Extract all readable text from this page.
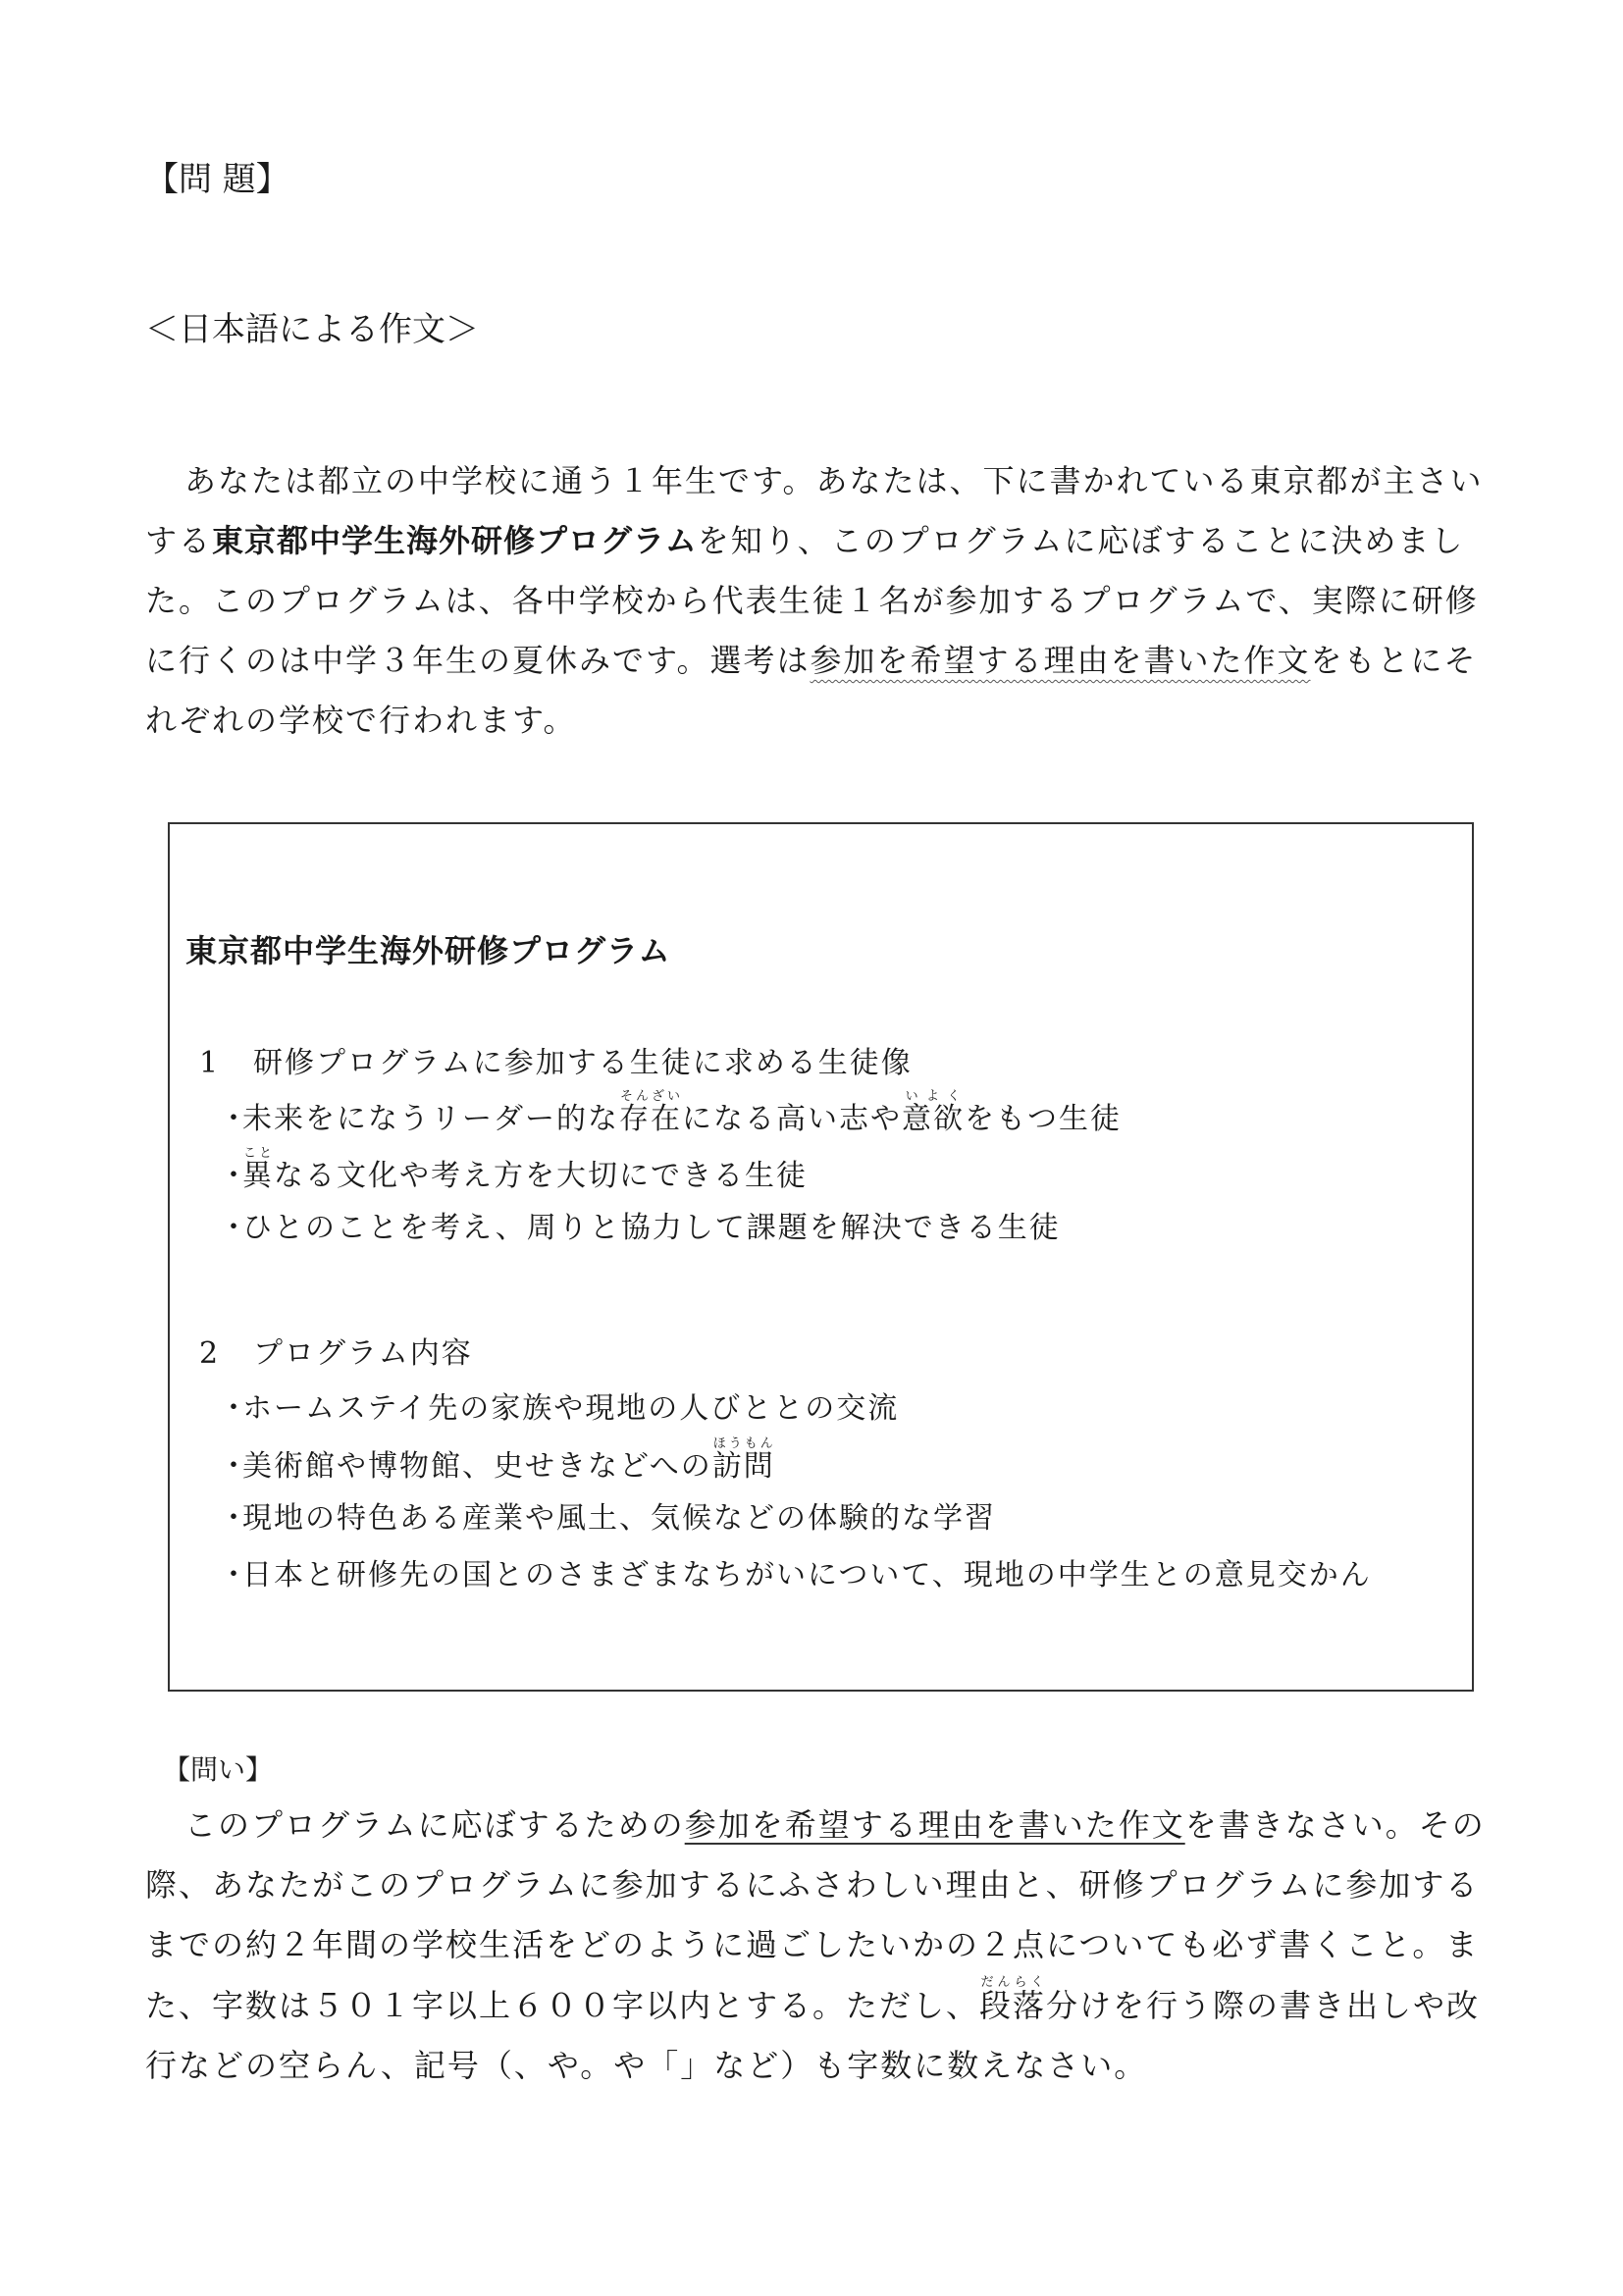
【問 題】
＜日本語による作文＞
あなたは都立の中学校に通う１年生です。あなたは、下に書かれている東京都が主さい
する東京都中学生海外研修プログラムを知り、このプログラムに応ぼすることに決めまし
た。このプログラムは、各中学校から代表生徒１名が参加するプログラムで、実際に研修
に行くのは中学３年生の夏休みです。選考は参加を希望する理由を書いた作文をもとにそ
れぞれの学校で行われます。
東京都中学生海外研修プログラム
1 研修プログラムに参加する生徒に求める生徒像
・未来をになうリーダー的な存在そんざいになる高い志や意欲いよくをもつ生徒
・異ことなる文化や考え方を大切にできる生徒
・ひとのことを考え、周りと協力して課題を解決できる生徒
2 プログラム内容
・ホームステイ先の家族や現地の人びととの交流
・美術館や博物館、史せきなどへの訪問ほうもん
・現地の特色ある産業や風土、気候などの体験的な学習
・日本と研修先の国とのさまざまなちがいについて、現地の中学生との意見交かん
【問い】
このプログラムに応ぼするための参加を希望する理由を書いた作文を書きなさい。その
際、あなたがこのプログラムに参加するにふさわしい理由と、研修プログラムに参加する
までの約２年間の学校生活をどのように過ごしたいかの２点についても必ず書くこと。ま
た、字数は５０１字以上６００字以内とする。ただし、段落だんらく分けを行う際の書き出しや改
行などの空らん、記号（、や。や「」など）も字数に数えなさい。
